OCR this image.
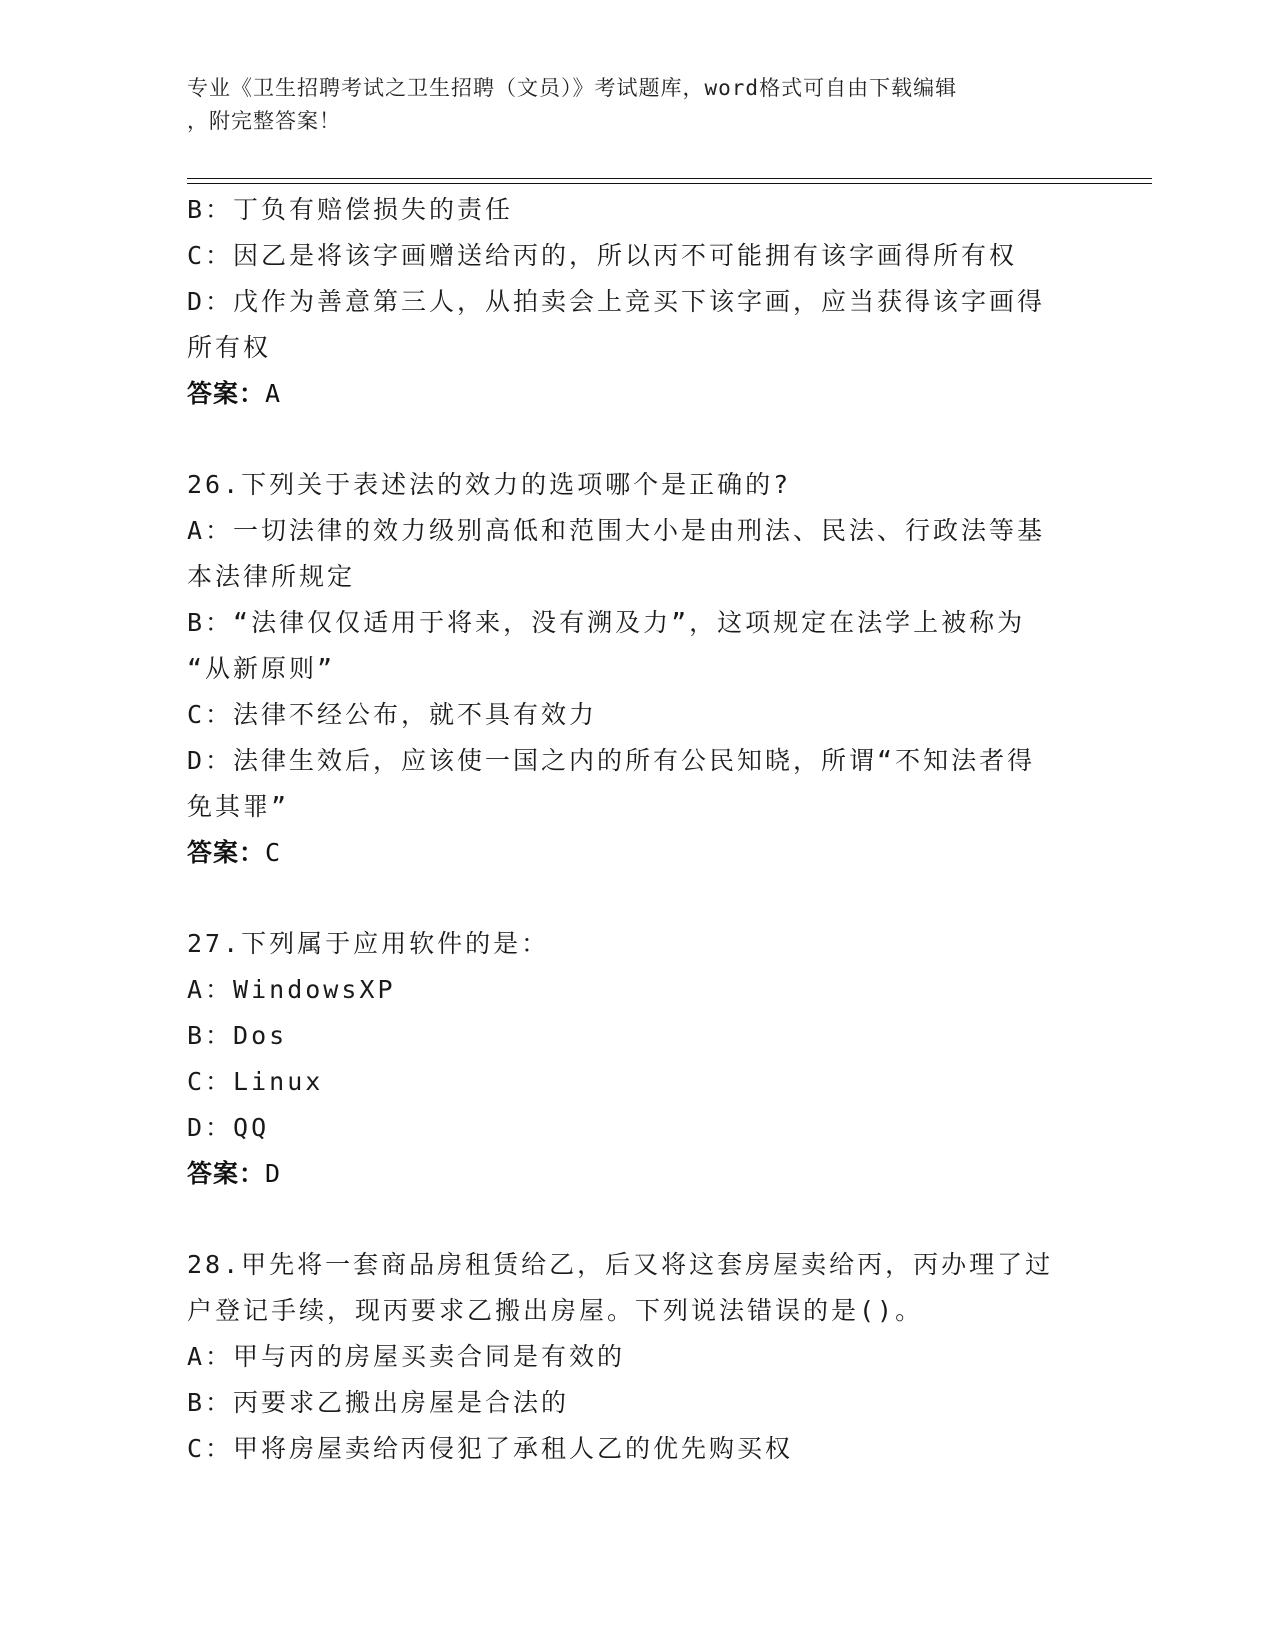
专业《卫生招聘考试之卫生招聘（文员）》考试题库，word格式可自由下载编辑
，附完整答案！
B：丁负有赔偿损失的责任
C：因乙是将该字画赠送给丙的，所以丙不可能拥有该字画得所有权
D：戊作为善意第三人，从拍卖会上竞买下该字画，应当获得该字画得
所有权
答案：A
26.下列关于表述法的效力的选项哪个是正确的?
A：一切法律的效力级别高低和范围大小是由刑法、民法、行政法等基
本法律所规定
B：“法律仅仅适用于将来，没有溯及力”，这项规定在法学上被称为
“从新原则”
C：法律不经公布，就不具有效力
D：法律生效后，应该使一国之内的所有公民知晓，所谓“不知法者得
免其罪”
答案：C
27.下列属于应用软件的是：
A：WindowsXP
B：Dos
C：Linux
D：QQ
答案：D
28.甲先将一套商品房租赁给乙，后又将这套房屋卖给丙，丙办理了过
户登记手续，现丙要求乙搬出房屋。下列说法错误的是()。
A：甲与丙的房屋买卖合同是有效的
B：丙要求乙搬出房屋是合法的
C：甲将房屋卖给丙侵犯了承租人乙的优先购买权
